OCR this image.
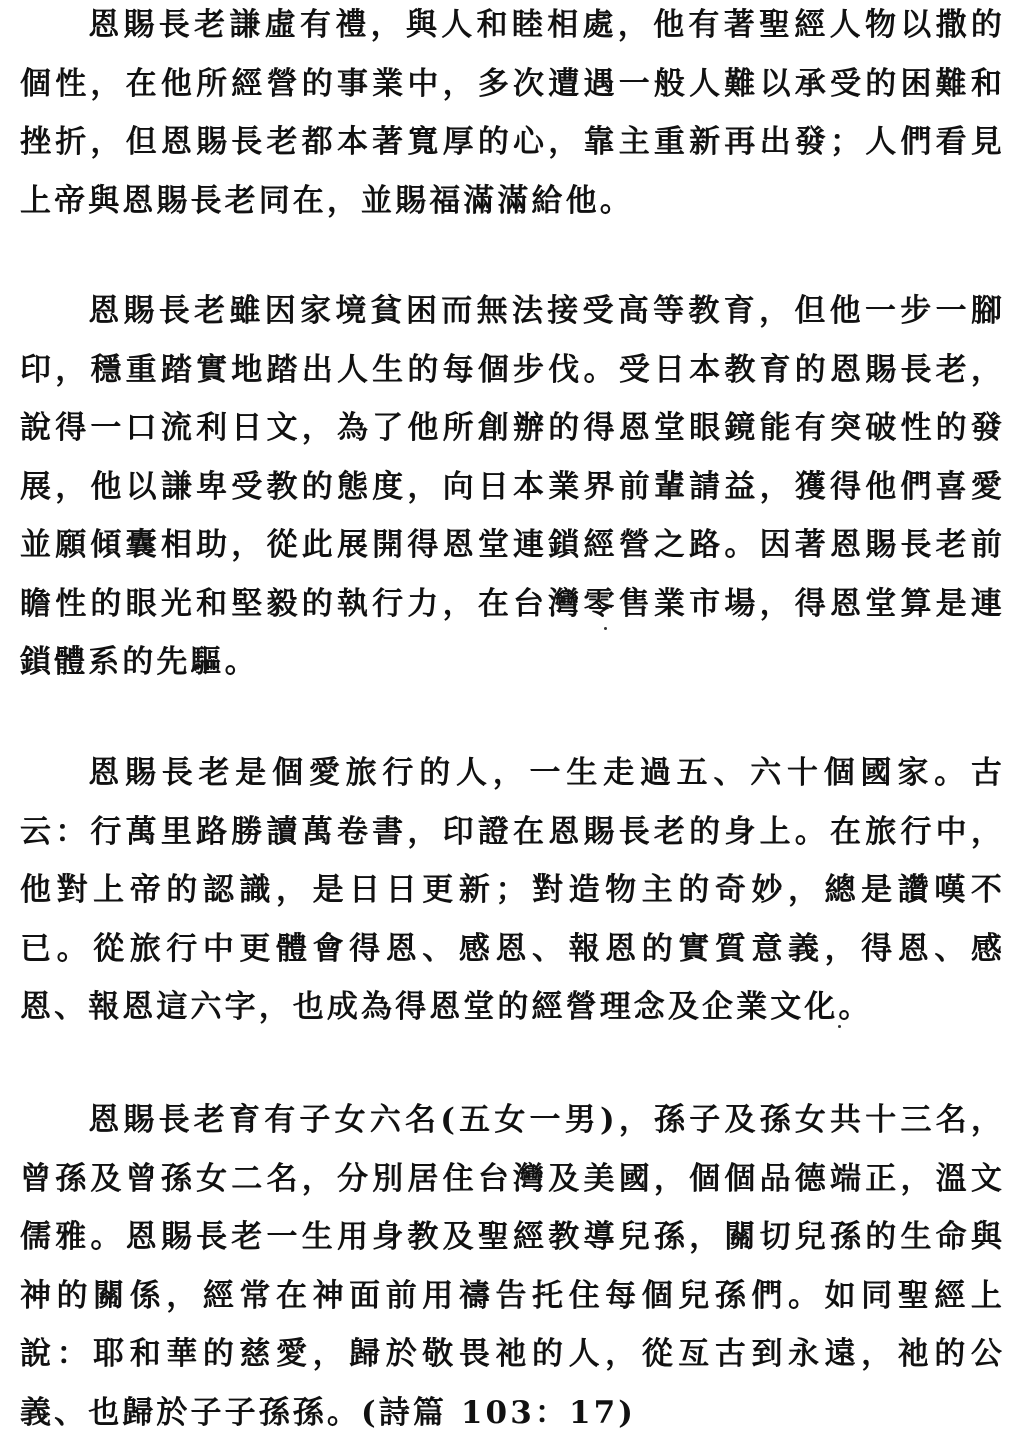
恩賜長老謙虛有禮，與人和睦相處，他有著聖經人物以撒的個性，在他所經營的事業中，多次遭遇一般人難以承受的困難和挫折，但恩賜長老都本著寬厚的心，靠主重新再出發；人們看見上帝與恩賜長老同在，並賜福滿滿給他。

恩賜長老雖因家境貧困而無法接受高等教育，但他一步一腳印，穩重踏實地踏出人生的每個步伐。受日本教育的恩賜長老，說得一口流利日文，為了他所創辦的得恩堂眼鏡能有突破性的發展，他以謙卑受教的態度，向日本業界前輩請益，獲得他們喜愛並願傾囊相助，從此展開得恩堂連鎖經營之路。因著恩賜長老前瞻性的眼光和堅毅的執行力，在台灣零售業市場，得恩堂算是連鎖體系的先驅。

恩賜長老是個愛旅行的人，一生走過五、六十個國家。古云：行萬里路勝讀萬卷書，印證在恩賜長老的身上。在旅行中，他對上帝的認識，是日日更新；對造物主的奇妙，總是讚嘆不已。從旅行中更體會得恩、感恩、報恩的實質意義，得恩、感恩、報恩這六字，也成為得恩堂的經營理念及企業文化。

恩賜長老育有子女六名(五女一男)，孫子及孫女共十三名，曾孫及曾孫女二名，分別居住台灣及美國，個個品德端正，溫文儒雅。恩賜長老一生用身教及聖經教導兒孫，關切兒孫的生命與神的關係，經常在神面前用禱告托住每個兒孫們。如同聖經上說：耶和華的慈愛，歸於敬畏祂的人，從亙古到永遠，祂的公義、也歸於子子孫孫。(詩篇 103：17)
